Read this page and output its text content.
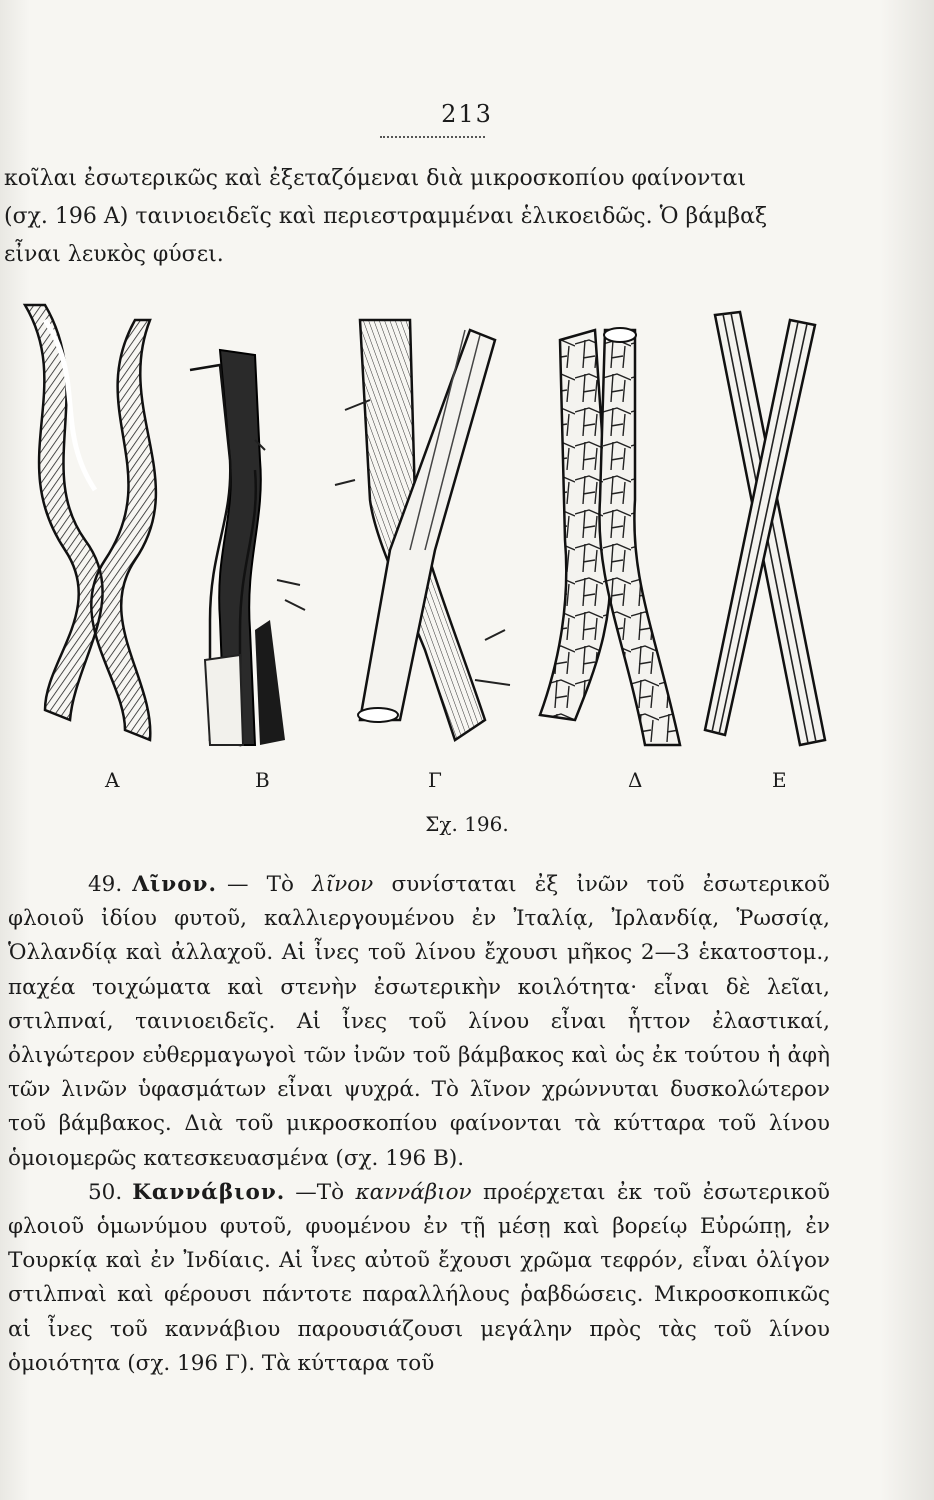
213

κοῖλαι ἐσωτερικῶς καὶ ἐξεταζόμεναι διὰ μικροσκοπίου φαίνονται

(σχ. 196 Α) ταινιοειδεῖς καὶ περιεστραμμέναι ἑλικοειδῶς. Ὁ βάμβαξ

εἶναι λευκὸς φύσει.

Α	Β	Γ	Δ	Ε
Σχ. 196.

49. Λῖνον. — Τὸ λῖνον συνίσταται ἐξ ἰνῶν τοῦ ἐσωτερικοῦ φλοιοῦ ἰδίου φυτοῦ, καλλιεργουμένου ἐν Ἰταλίᾳ, Ἰρλανδίᾳ, Ῥωσσίᾳ, Ὁλλανδίᾳ καὶ ἀλλαχοῦ. Αἱ ἶνες τοῦ λίνου ἔχουσι μῆκος 2—3 ἑκατοστομ., παχέα τοιχώματα καὶ στενὴν ἐσωτερικὴν κοιλότητα· εἶναι δὲ λεῖαι, στιλπναί, ταινιοειδεῖς. Αἱ ἶνες τοῦ λίνου εἶναι ἧττον ἐλαστικαί, ὀλιγώτερον εὐθερμαγωγοὶ τῶν ἰνῶν τοῦ βάμβακος καὶ ὡς ἐκ τούτου ἡ ἀφὴ τῶν λινῶν ὑφασμάτων εἶναι ψυχρά. Τὸ λῖνον χρώννυται δυσκολώτερον τοῦ βάμβακος. Διὰ τοῦ μικροσκοπίου φαίνονται τὰ κύτταρα τοῦ λίνου ὁμοιομερῶς κατεσκευασμένα (σχ. 196 Β).

50. Καννάβιον. —Τὸ καννάβιον προέρχεται ἐκ τοῦ ἐσωτερικοῦ φλοιοῦ ὁμωνύμου φυτοῦ, φυομένου ἐν τῇ μέσῃ καὶ βορείῳ Εὐρώπῃ, ἐν Τουρκίᾳ καὶ ἐν Ἰνδίαις. Αἱ ἶνες αὐτοῦ ἔχουσι χρῶμα τεφρόν, εἶναι ὀλίγον στιλπναὶ καὶ φέρουσι πάντοτε παραλλήλους ῥαβδώσεις. Μικροσκοπικῶς αἱ ἶνες τοῦ καννάβιου παρουσιάζουσι μεγάλην πρὸς τὰς τοῦ λίνου ὁμοιότητα (σχ. 196 Γ). Τὰ κύτταρα τοῦ
